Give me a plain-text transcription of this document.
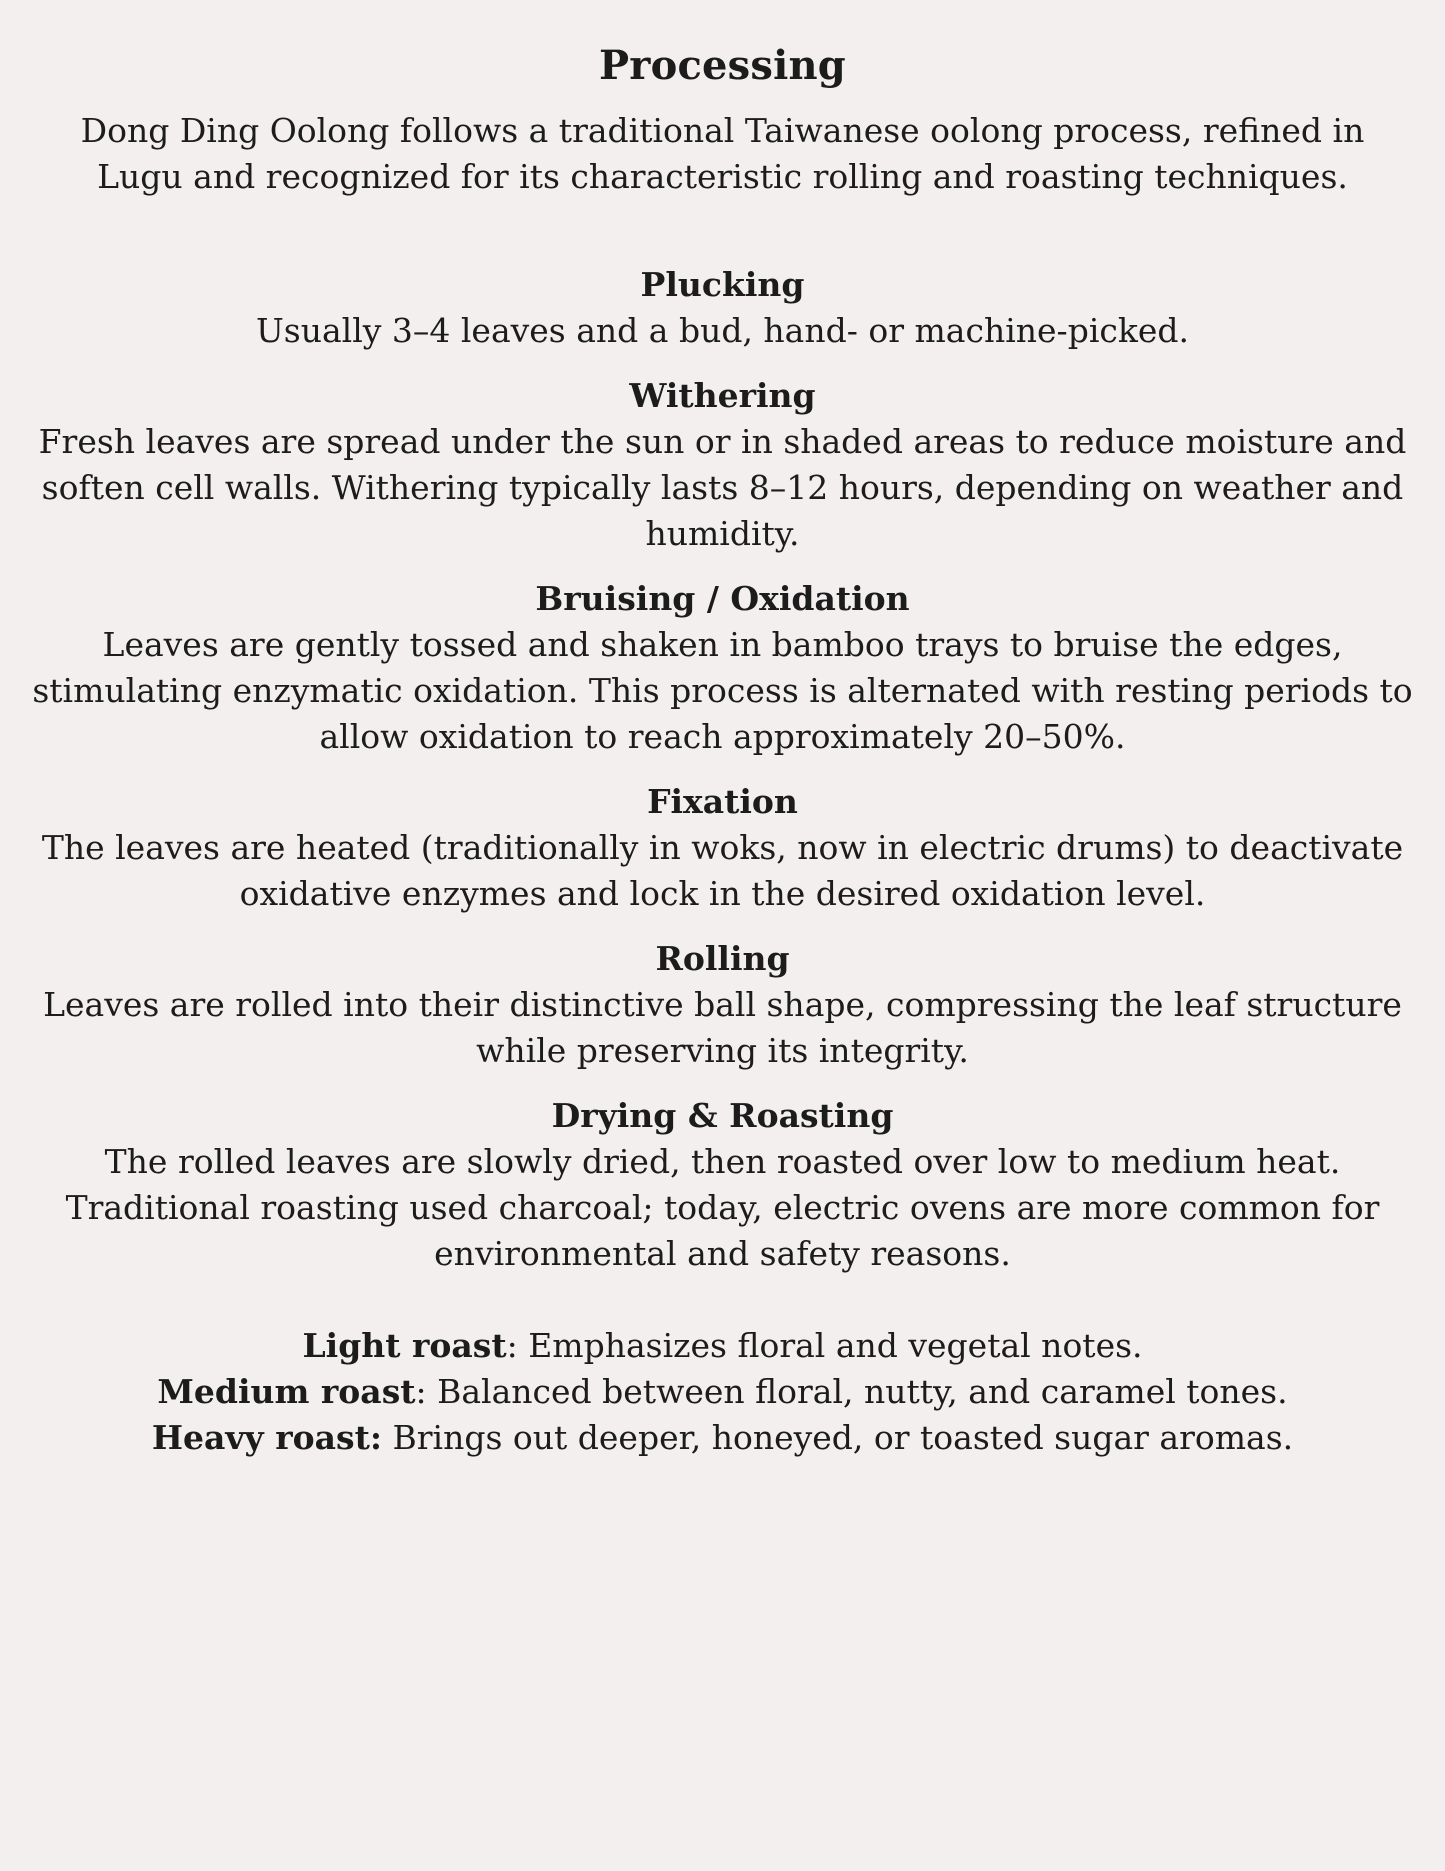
Processing

Dong Ding Oolong follows a traditional Taiwanese oolong process, refined in Lugu and recognized for its characteristic rolling and roasting techniques.

Plucking

Usually 3–4 leaves and a bud, hand- or machine-picked.

Withering

Fresh leaves are spread under the sun or in shaded areas to reduce moisture and soften cell walls. Withering typically lasts 8–12 hours, depending on weather and humidity.

Bruising / Oxidation

Leaves are gently tossed and shaken in bamboo trays to bruise the edges, stimulating enzymatic oxidation. This process is alternated with resting periods to allow oxidation to reach approximately 20–50%.

Fixation

The leaves are heated (traditionally in woks, now in electric drums) to deactivate oxidative enzymes and lock in the desired oxidation level.

Rolling

Leaves are rolled into their distinctive ball shape, compressing the leaf structure while preserving its integrity.

Drying & Roasting

The rolled leaves are slowly dried, then roasted over low to medium heat. Traditional roasting used charcoal; today, electric ovens are more common for environmental and safety reasons.

Light roast: Emphasizes floral and vegetal notes.
Medium roast: Balanced between floral, nutty, and caramel tones.
Heavy roast: Brings out deeper, honeyed, or toasted sugar aromas.
